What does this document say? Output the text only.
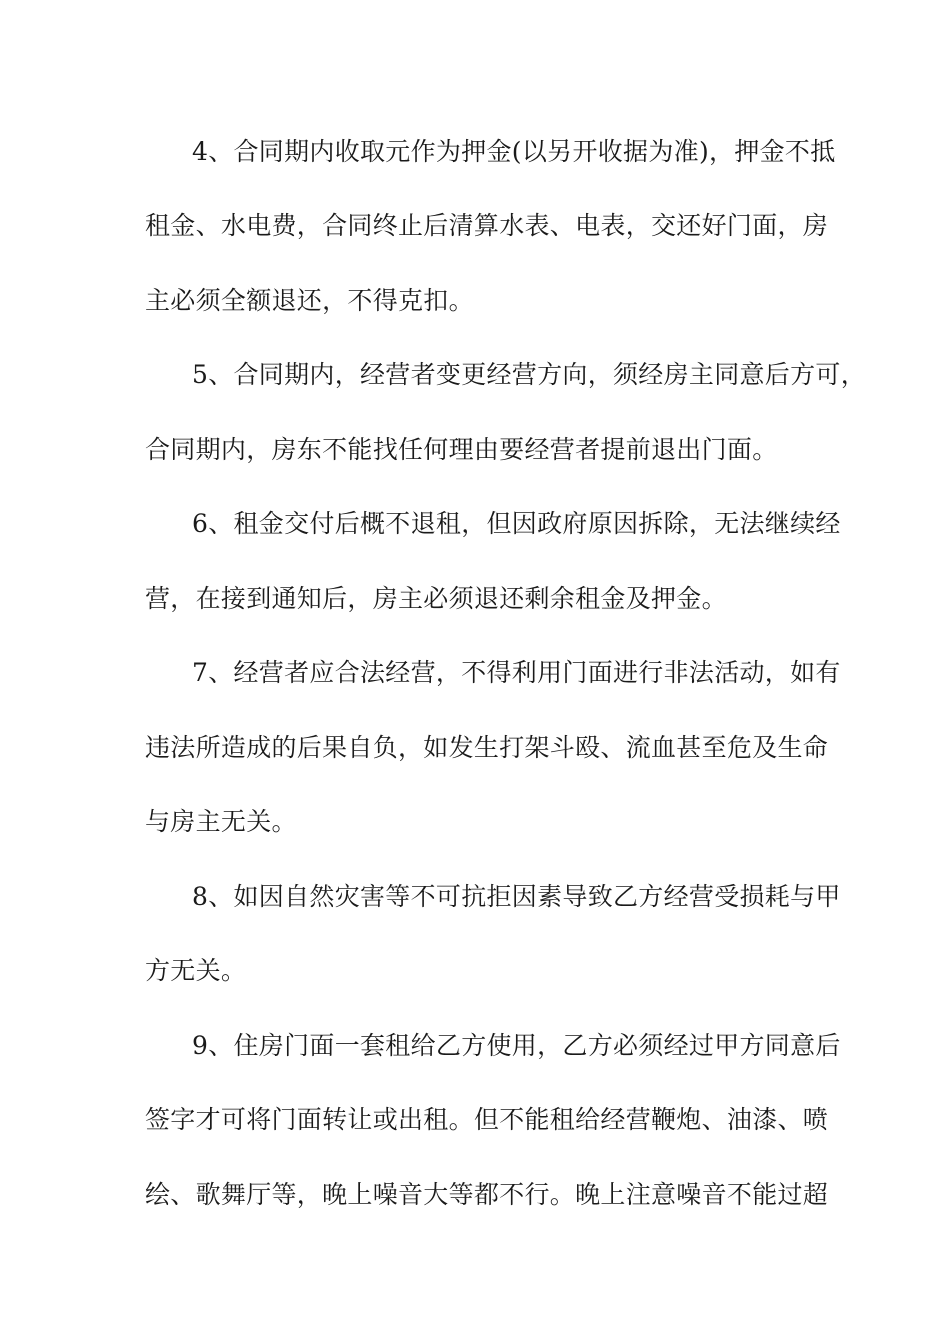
4、合同期内收取元作为押金(以另开收据为准)，押金不抵

租金、水电费，合同终止后清算水表、电表，交还好门面，房

主必须全额退还，不得克扣。

5、合同期内，经营者变更经营方向，须经房主同意后方可，

合同期内，房东不能找任何理由要经营者提前退出门面。

6、租金交付后概不退租，但因政府原因拆除，无法继续经

营，在接到通知后，房主必须退还剩余租金及押金。

7、经营者应合法经营，不得利用门面进行非法活动，如有

违法所造成的后果自负，如发生打架斗殴、流血甚至危及生命

与房主无关。

8、如因自然灾害等不可抗拒因素导致乙方经营受损耗与甲

方无关。

9、住房门面一套租给乙方使用，乙方必须经过甲方同意后

签字才可将门面转让或出租。但不能租给经营鞭炮、油漆、喷

绘、歌舞厅等，晚上噪音大等都不行。晚上注意噪音不能过超
